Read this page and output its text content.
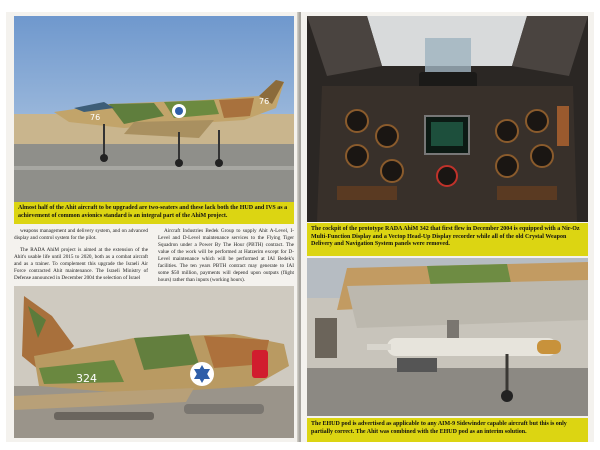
76
76
Almost half of the Ahit aircraft to be upgraded are two-seaters and these lack both the HUD and IVS as a achievement of common avionics standard is an integral part of the AhiM project.

weapons management and delivery system, and on advanced display and control system for the pilot.

The RADA AhiM project is aimed at the extension of the Ahit's usable life until 2015 to 2020, both as a combat aircraft and as a trainer. To complement this upgrade the Israeli Air Force contracted Ahit maintenance. The Israeli Ministry of Defense announced in December 2004 the selection of Israel

Aircraft Industries Bedek Group to supply Ahit A-Level, I-Level and D-Level maintenance services to the Flying Tiger Squadron under a Power By The Hour (PBTH) contract. The value of the work will be performed at Hatzerim except for D-Level maintenance which will be performed at IAI Bedek's facilities. The ten years PBTH contract may generate to IAI some $50 million, payments will depend upon outputs (flight hours) rather than inputs (working hours).

324
The cockpit of the prototype RADA AhiM 342 that first flew in December 2004 is equipped with a Nir-Oz Multi-Function Display and a Vectop Head-Up Display recorder while all of the old Crystal Weapon Delivery and Navigation System panels were removed.
The EHUD pod is advertised as applicable to any AIM-9 Sidewinder capable aircraft but this is only partially correct. The Ahit was combined with the EHUD pod as an interim solution.
